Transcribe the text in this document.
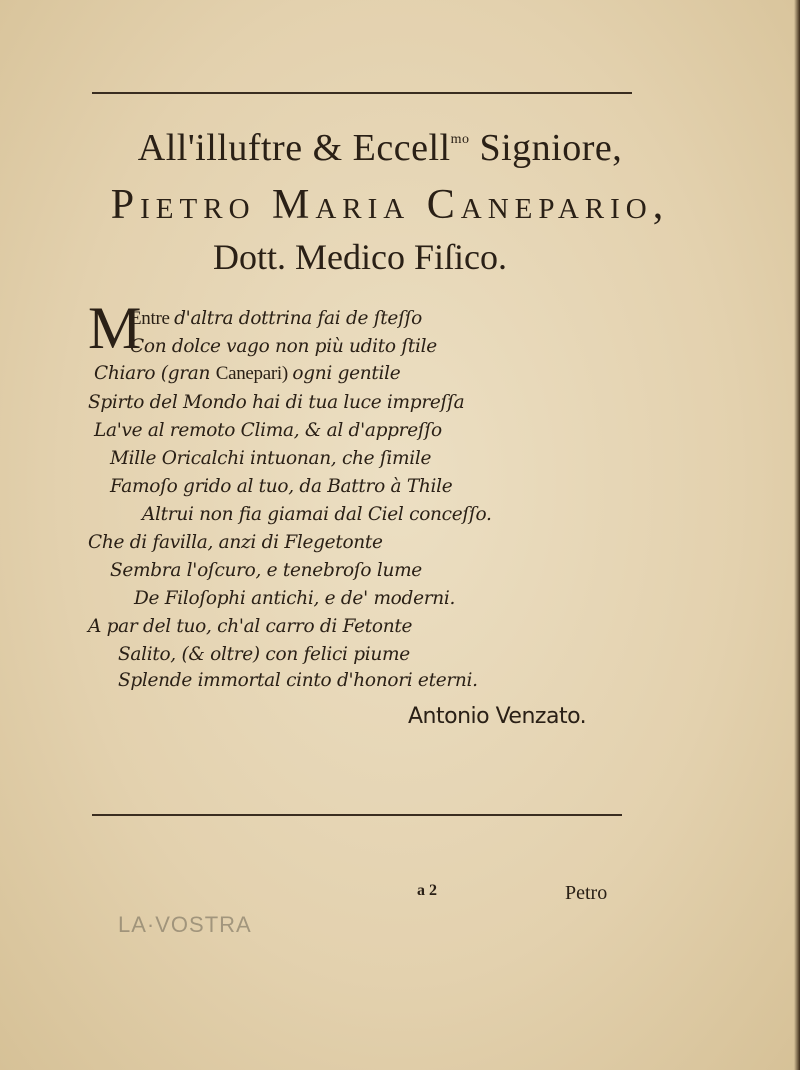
All'illuftre & Eccell$^{mo}$ Signiore,
Pietro Maria Canepario,
Dott. Medico Fiſico.
M
Entre d'altra dottrina fai de ſteſſo
Con dolce vago non più udito ſtile
Chiaro (gran Canepari) ogni gentile
Spirto del Mondo hai di tua luce impreſſa
La've al remoto Clima, & al d'appreſſo
Mille Oricalchi intuonan, che ſimile
Famoſo grido al tuo, da Battro à Thile
Altrui non fia giamai dal Ciel conceſſo.
Che di favilla, anzi di Flegetonte
Sembra l'oſcuro, e tenebroſo lume
De Filoſophi antichi, e de' moderni.
A par del tuo, ch'al carro di Fetonte
Salito, (& oltre) con felici piume
Splende immortal cinto d'honori eterni.
Antonio Venzato.
a 2	Petro
LA·VOSTRA
